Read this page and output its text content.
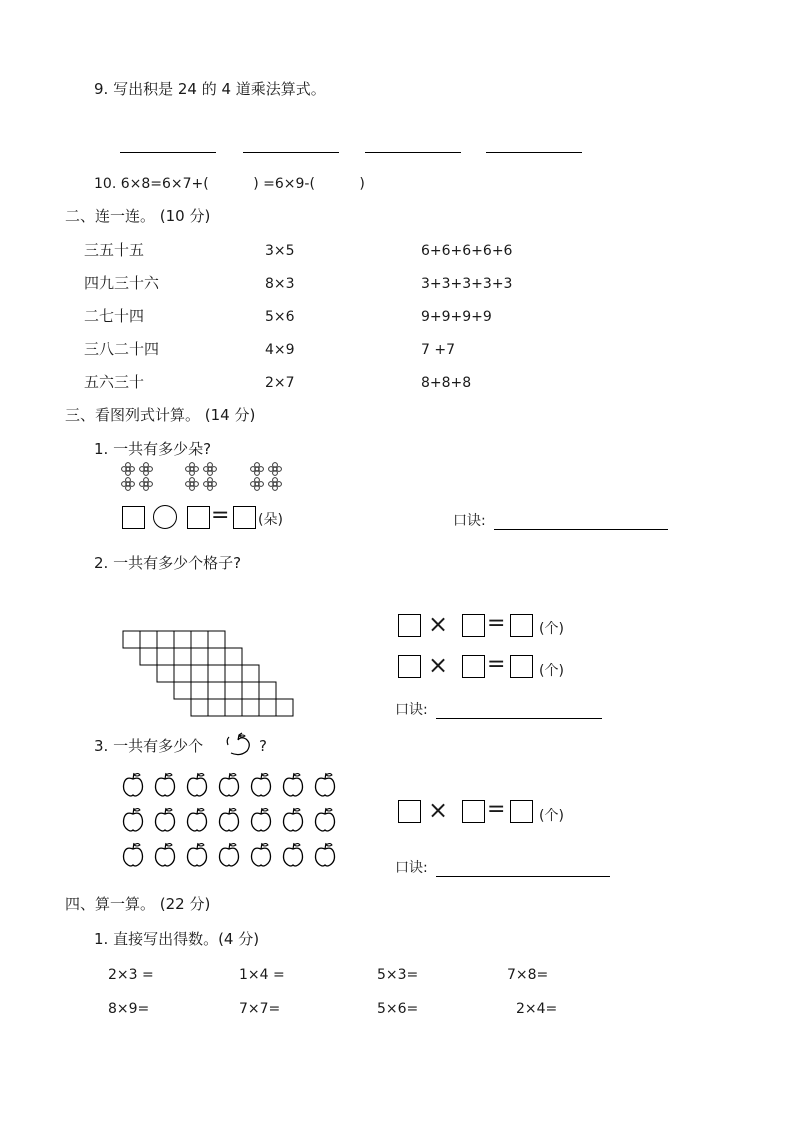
9. 写出积是 24 的 4 道乘法算式。
10. 6×8=6×7+(          ) =6×9-(          )
二、连一连。 (10 分)
三五十五	3×5	6+6+6+6+6
四九三十六	8×3	3+3+3+3+3
二七十四	5×6	9+9+9+9
三八二十四	4×9	7 +7
五六三十	2×7	8+8+8
三、看图列式计算。 (14 分)
1. 一共有多少朵?
= (朵)	口诀:
2. 一共有多少个格子?
× = (个)
× = (个)
口诀:
3. 一共有多少个	?
× = (个)
口诀:
四、算一算。 (22 分)
1. 直接写出得数。(4 分)
2×3 =	1×4 =	5×3=	7×8=
8×9=	7×7=	5×6=	2×4=
